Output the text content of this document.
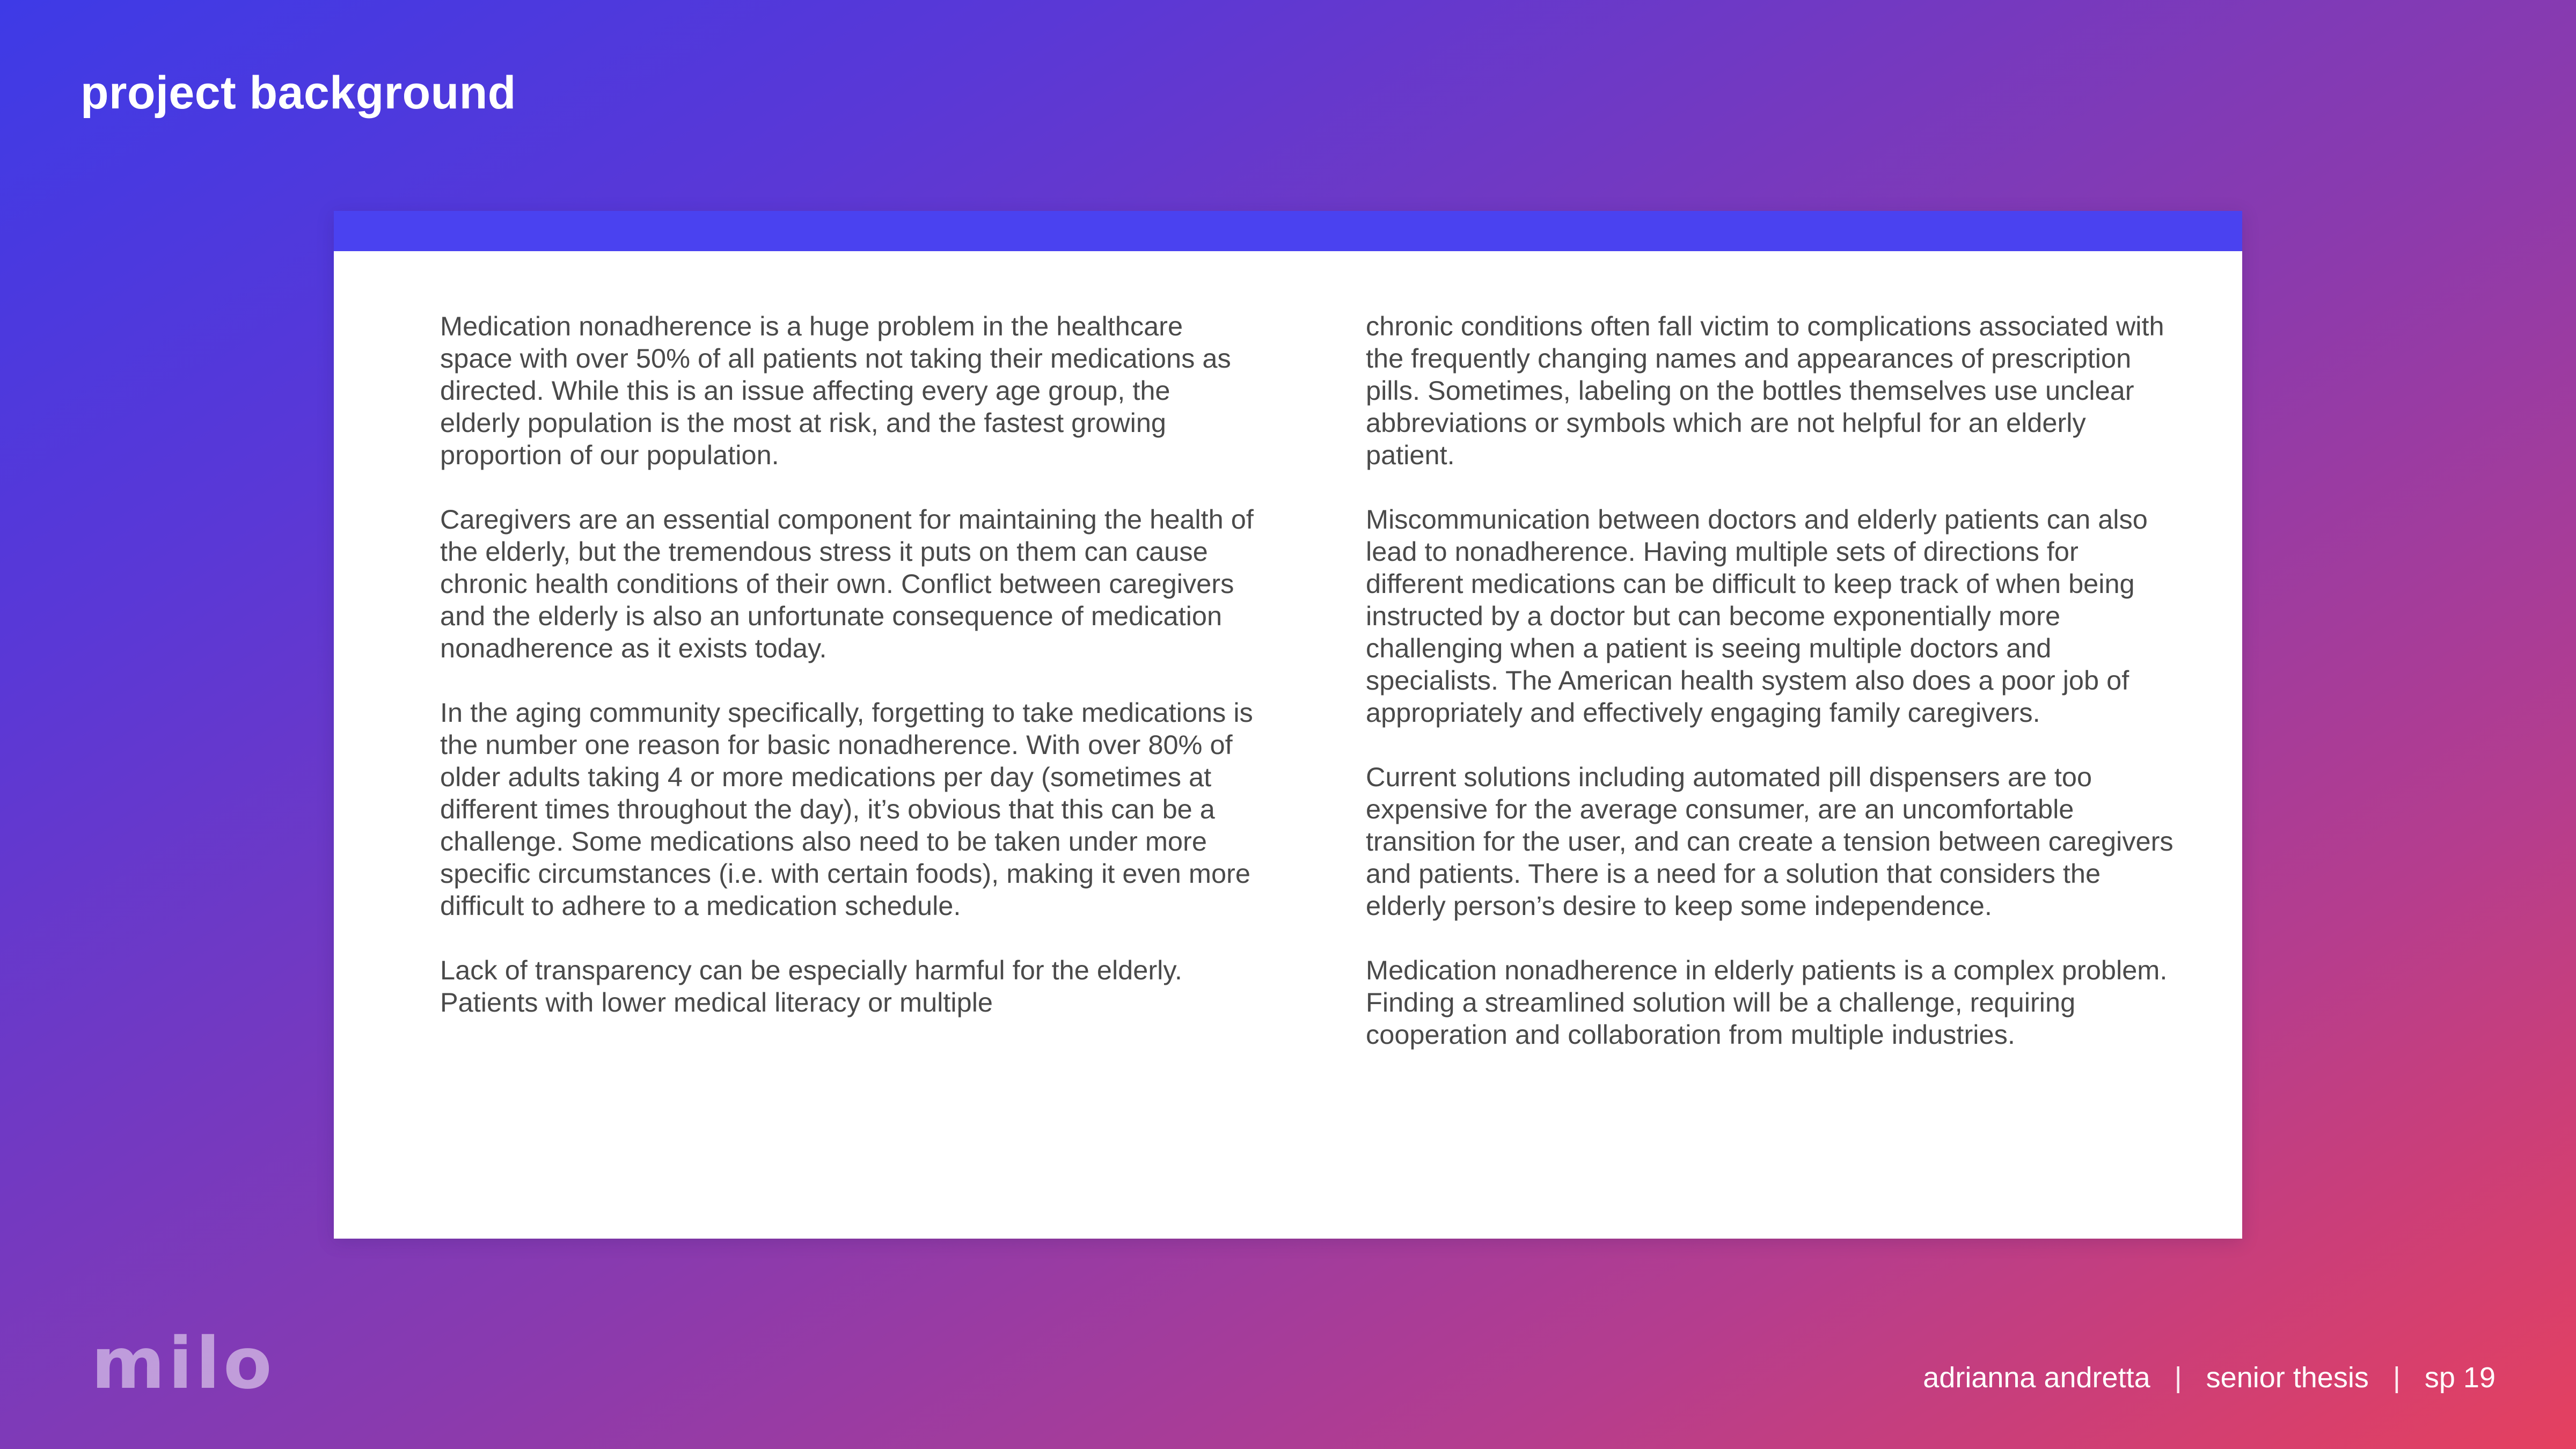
project background

Medication nonadherence is a huge problem in the healthcare space with over 50% of all patients not taking their medications as directed. While this is an issue affecting every age group, the elderly population is the most at risk, and the fastest growing proportion of our population.

Caregivers are an essential component for maintaining the health of the elderly, but the tremendous stress it puts on them can cause chronic health conditions of their own. Conflict between caregivers and the elderly is also an unfortunate consequence of medication nonadherence as it exists today.

In the aging community specifically, forgetting to take medications is the number one reason for basic nonadherence. With over 80% of older adults taking 4 or more medications per day (sometimes at different times throughout the day), it’s obvious that this can be a challenge. Some medications also need to be taken under more specific circumstances (i.e. with certain foods), making it even more difficult to adhere to a medication schedule.

Lack of transparency can be especially harmful for the elderly. Patients with lower medical literacy or multiple

chronic conditions often fall victim to complications associated with the frequently changing names and appearances of prescription pills. Sometimes, labeling on the bottles themselves use unclear abbreviations or symbols which are not helpful for an elderly patient.

Miscommunication between doctors and elderly patients can also lead to nonadherence. Having multiple sets of directions for different medications can be difficult to keep track of when being instructed by a doctor but can become exponentially more challenging when a patient is seeing multiple doctors and specialists. The American health system also does a poor job of appropriately and effectively engaging family caregivers.

Current solutions including automated pill dispensers are too expensive for the average consumer, are an uncomfortable transition for the user, and can create a tension between caregivers and patients. There is a need for a solution that considers the elderly person’s desire to keep some independence.

Medication nonadherence in elderly patients is a complex problem. Finding a streamlined solution will be a challenge, requiring cooperation and collaboration from multiple industries.

milo	adrianna andretta | senior thesis | sp 19
